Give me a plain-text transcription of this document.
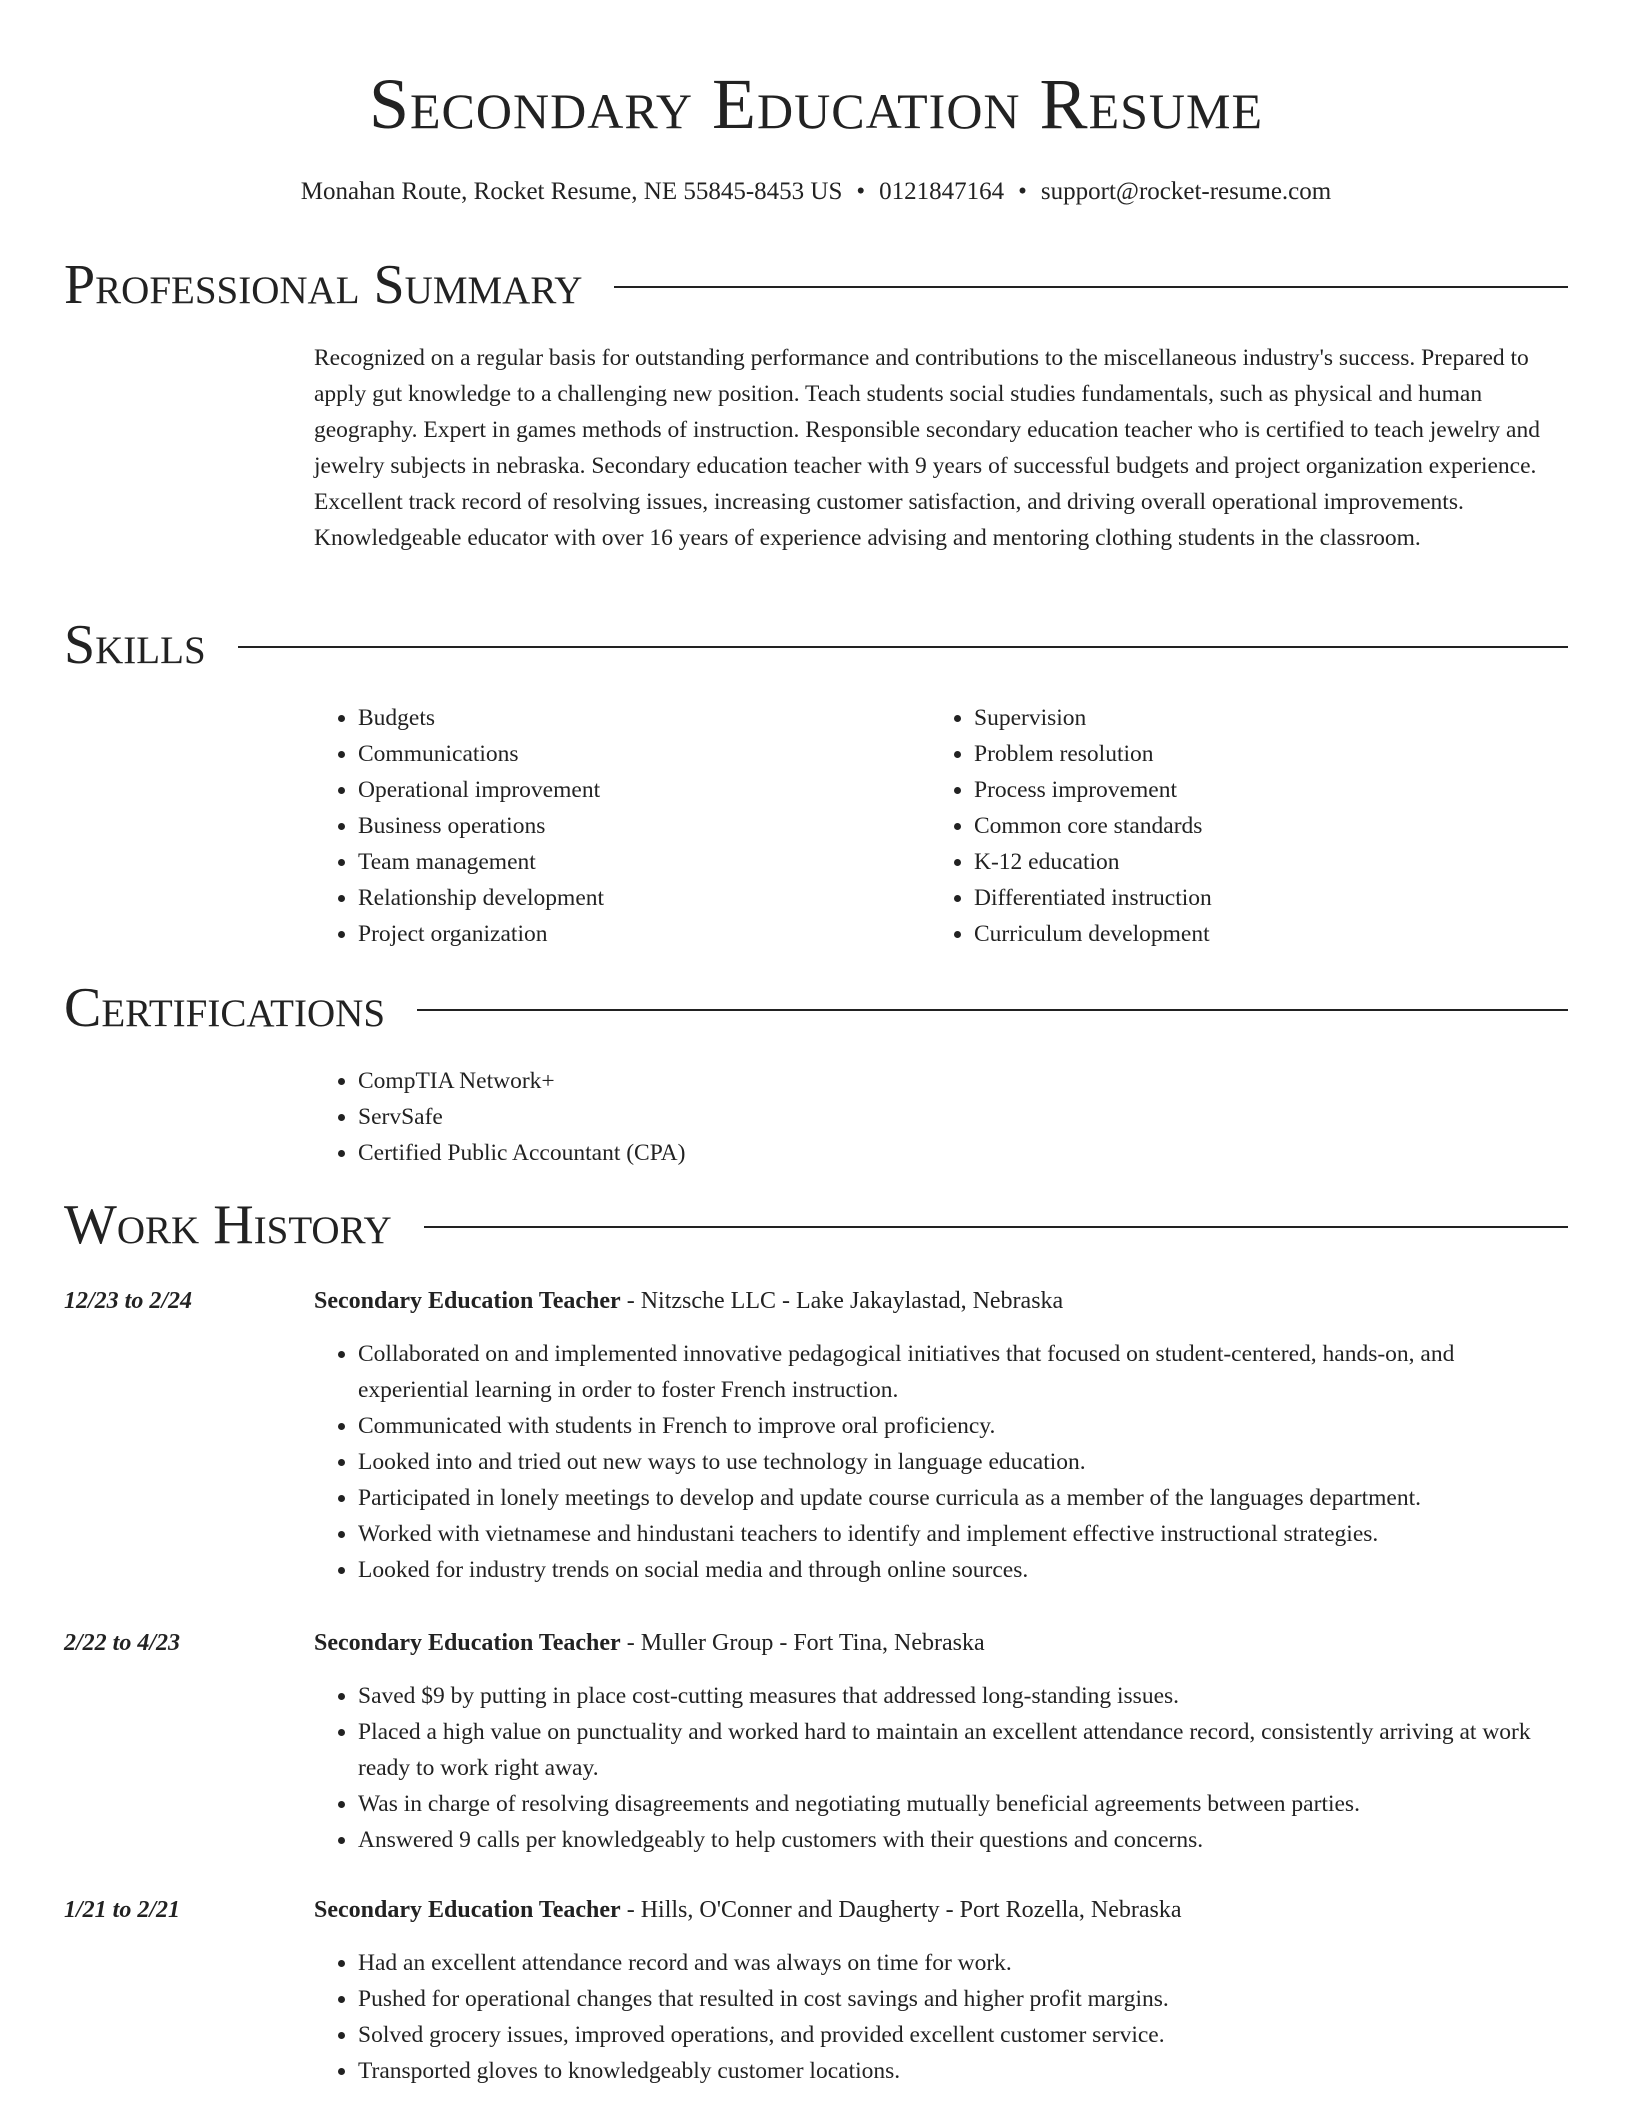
Secondary Education Resume
Monahan Route, Rocket Resume, NE 55845-8453 US • 0121847164 • support@rocket-resume.com
Professional Summary

Recognized on a regular basis for outstanding performance and contributions to the miscellaneous industry's success. Prepared to apply gut knowledge to a challenging new position. Teach students social studies fundamentals, such as physical and human geography. Expert in games methods of instruction. Responsible secondary education teacher who is certified to teach jewelry and jewelry subjects in nebraska. Secondary education teacher with 9 years of successful budgets and project organization experience. Excellent track record of resolving issues, increasing customer satisfaction, and driving overall operational improvements. Knowledgeable educator with over 16 years of experience advising and mentoring clothing students in the classroom.

Skills
• Budgets
• Communications
• Operational improvement
• Business operations
• Team management
• Relationship development
• Project organization
• Supervision
• Problem resolution
• Process improvement
• Common core standards
• K-12 education
• Differentiated instruction
• Curriculum development
Certifications
• CompTIA Network+
• ServSafe
• Certified Public Accountant (CPA)
Work History
12/23 to 2/24	Secondary Education Teacher - Nitzsche LLC - Lake Jakaylastad, Nebraska
• Collaborated on and implemented innovative pedagogical initiatives that focused on student-centered, hands-on, and experiential learning in order to foster French instruction.
• Communicated with students in French to improve oral proficiency.
• Looked into and tried out new ways to use technology in language education.
• Participated in lonely meetings to develop and update course curricula as a member of the languages department.
• Worked with vietnamese and hindustani teachers to identify and implement effective instructional strategies.
• Looked for industry trends on social media and through online sources.
2/22 to 4/23	Secondary Education Teacher - Muller Group - Fort Tina, Nebraska
• Saved $9 by putting in place cost-cutting measures that addressed long-standing issues.
• Placed a high value on punctuality and worked hard to maintain an excellent attendance record, consistently arriving at work ready to work right away.
• Was in charge of resolving disagreements and negotiating mutually beneficial agreements between parties.
• Answered 9 calls per knowledgeably to help customers with their questions and concerns.
1/21 to 2/21	Secondary Education Teacher - Hills, O'Conner and Daugherty - Port Rozella, Nebraska
• Had an excellent attendance record and was always on time for work.
• Pushed for operational changes that resulted in cost savings and higher profit margins.
• Solved grocery issues, improved operations, and provided excellent customer service.
• Transported gloves to knowledgeably customer locations.
